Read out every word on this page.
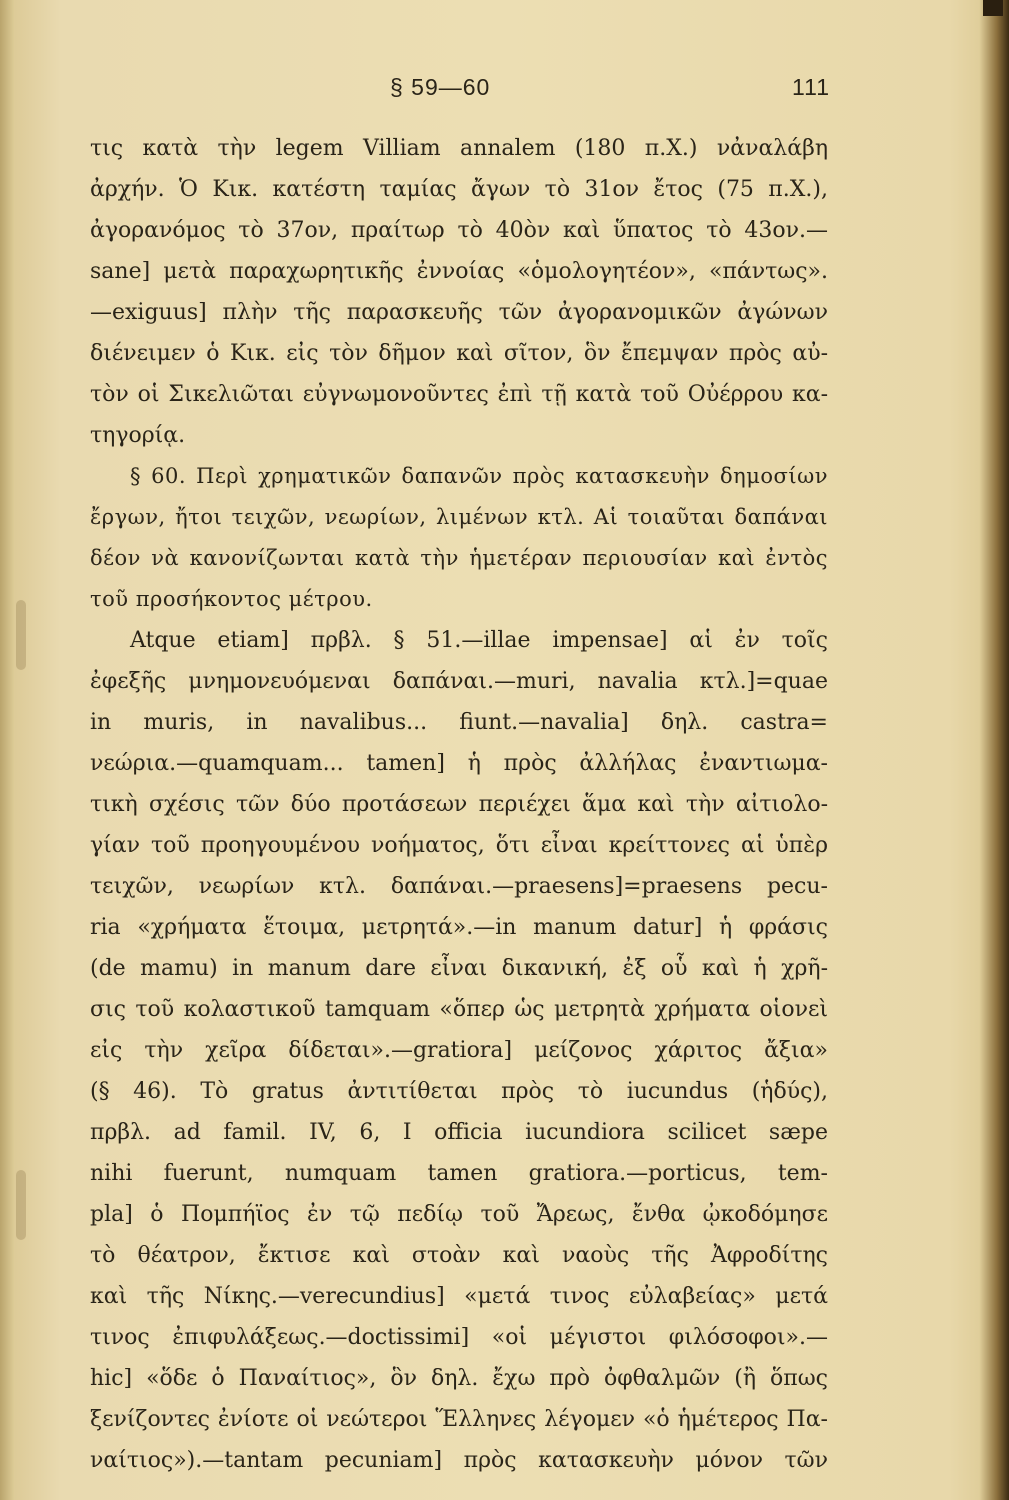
§ 59—60	111
τις κατὰ τὴν legem Villiam annalem (180 π.Χ.) νἀναλάβη
ἀρχήν. Ὁ Κικ. κατέστη ταμίας ἄγων τὸ 31ον ἔτος (75 π.Χ.),
ἀγορανόμος τὸ 37ον, πραίτωρ τὸ 40ὸν καὶ ὕπατος τὸ 43ον.—
sane] μετὰ παραχωρητικῆς ἐννοίας «ὁμολογητέον», «πάντως».
—exiguus] πλὴν τῆς παρασκευῆς τῶν ἀγορανομικῶν ἀγώνων
διένειμεν ὁ Κικ. εἰς τὸν δῆμον καὶ σῖτον, ὃν ἔπεμψαν πρὸς αὐ-
τὸν οἱ Σικελιῶται εὐγνωμονοῦντες ἐπὶ τῇ κατὰ τοῦ Οὐέρρου κα-
τηγορίᾳ.
§ 60. Περὶ χρηματικῶν δαπανῶν πρὸς κατασκευὴν δημοσίων
ἔργων, ἤτοι τειχῶν, νεωρίων, λιμένων κτλ. Αἱ τοιαῦται δαπάναι
δέον νὰ κανονίζωνται κατὰ τὴν ἡμετέραν περιουσίαν καὶ ἐντὸς
τοῦ προσήκοντος μέτρου.
Atque etiam] πρβλ. § 51.—illae impensae] αἱ ἐν τοῖς
ἐφεξῆς μνημονευόμεναι δαπάναι.—muri, navalia κτλ.]=quae
in muris, in navalibus... fiunt.—navalia] δηλ. castra=
νεώρια.—quamquam... tamen] ἡ πρὸς ἀλλήλας ἐναντιωμα-
τικὴ σχέσις τῶν δύο προτάσεων περιέχει ἅμα καὶ τὴν αἰτιολο-
γίαν τοῦ προηγουμένου νοήματος, ὅτι εἶναι κρείττονες αἱ ὑπὲρ
τειχῶν, νεωρίων κτλ. δαπάναι.—praesens]=praesens pecu-
ria «χρήματα ἕτοιμα, μετρητά».—in manum datur] ἡ φράσις
(de mamu) in manum dare εἶναι δικανική, ἐξ οὗ καὶ ἡ χρῆ-
σις τοῦ κολαστικοῦ tamquam «ὅπερ ὡς μετρητὰ χρήματα οἱονεὶ
εἰς τὴν χεῖρα δίδεται».—gratiora] μείζονος χάριτος ἄξια»
(§ 46). Τὸ gratus ἀντιτίθεται πρὸς τὸ iucundus (ἡδύς),
πρβλ. ad famil. IV, 6, I officia iucundiora scilicet sæpe
nihi fuerunt, numquam tamen gratiora.—porticus, tem-
pla] ὁ Πομπήϊος ἐν τῷ πεδίῳ τοῦ Ἄρεως, ἔνθα ᾠκοδόμησε
τὸ θέατρον, ἔκτισε καὶ στοὰν καὶ ναοὺς τῆς Ἀφροδίτης
καὶ τῆς Νίκης.—verecundius] «μετά τινος εὐλαβείας» μετά
τινος ἐπιφυλάξεως.—doctissimi] «οἱ μέγιστοι φιλόσοφοι».—
hic] «ὅδε ὁ Παναίτιος», ὃν δηλ. ἔχω πρὸ ὀφθαλμῶν (ἢ ὅπως
ξενίζοντες ἐνίοτε οἱ νεώτεροι Ἕλληνες λέγομεν «ὁ ἡμέτερος Πα-
ναίτιος»).—tantam pecuniam] πρὸς κατασκευὴν μόνον τῶν
